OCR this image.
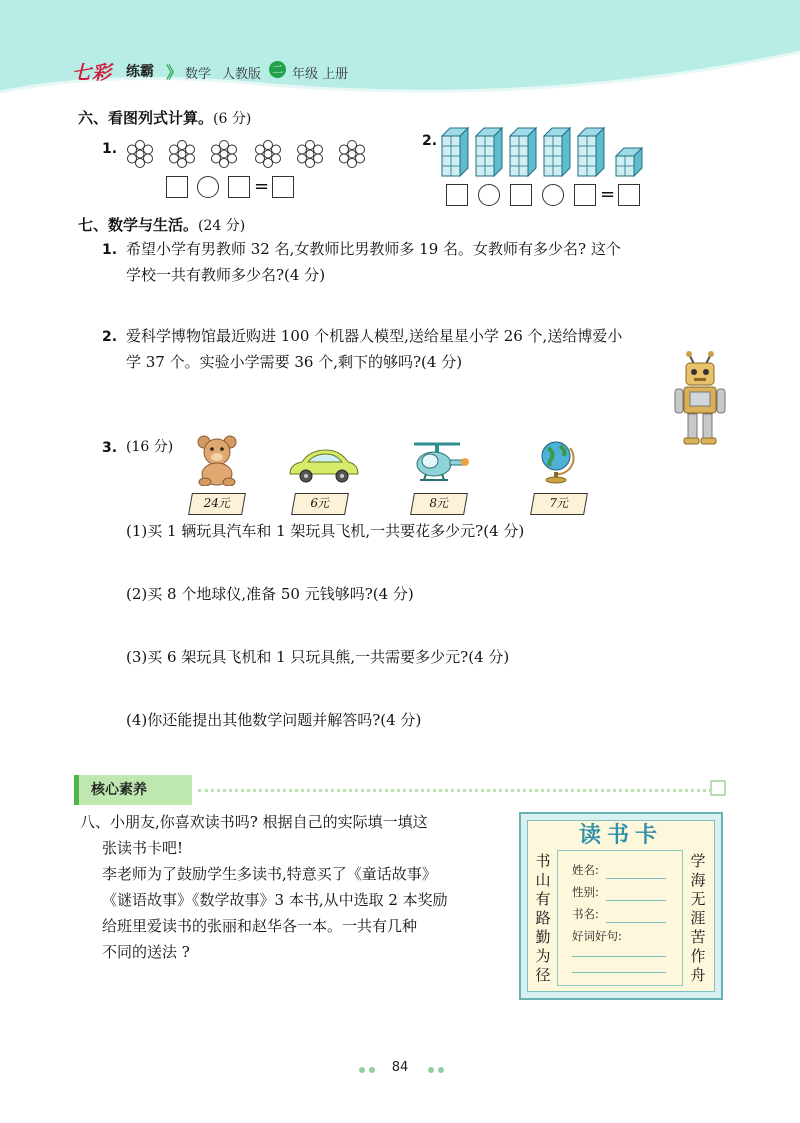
七彩 练霸 》 数学 人教版 二 年级 上册
六、看图列式计算。(6 分)
1.
=
2.
=
七、数学与生活。(24 分)
1. 希望小学有男教师 32 名,女教师比男教师多 19 名。女教师有多少名? 这个
学校一共有教师多少名?(4 分)
2. 爱科学博物馆最近购进 100 个机器人模型,送给星星小学 26 个,送给博爱小
学 37 个。实验小学需要 36 个,剩下的够吗?(4 分)
3. (16 分)
24元	6元	8元	7元
(1)买 1 辆玩具汽车和 1 架玩具飞机,一共要花多少元?(4 分)
(2)买 8 个地球仪,准备 50 元钱够吗?(4 分)
(3)买 6 架玩具飞机和 1 只玩具熊,一共需要多少元?(4 分)
(4)你还能提出其他数学问题并解答吗?(4 分)
核心素养
八、小朋友,你喜欢读书吗? 根据自己的实际填一填这
张读书卡吧!
李老师为了鼓励学生多读书,特意买了《童话故事》
《谜语故事》《数学故事》3 本书,从中选取 2 本奖励
给班里爱读书的张丽和赵华各一本。一共有几种
不同的送法 ?
读书卡
书
山
有
路
勤
为
径
学
海
无
涯
苦
作
舟
姓名:
性别:
书名:
好词好句:
84
